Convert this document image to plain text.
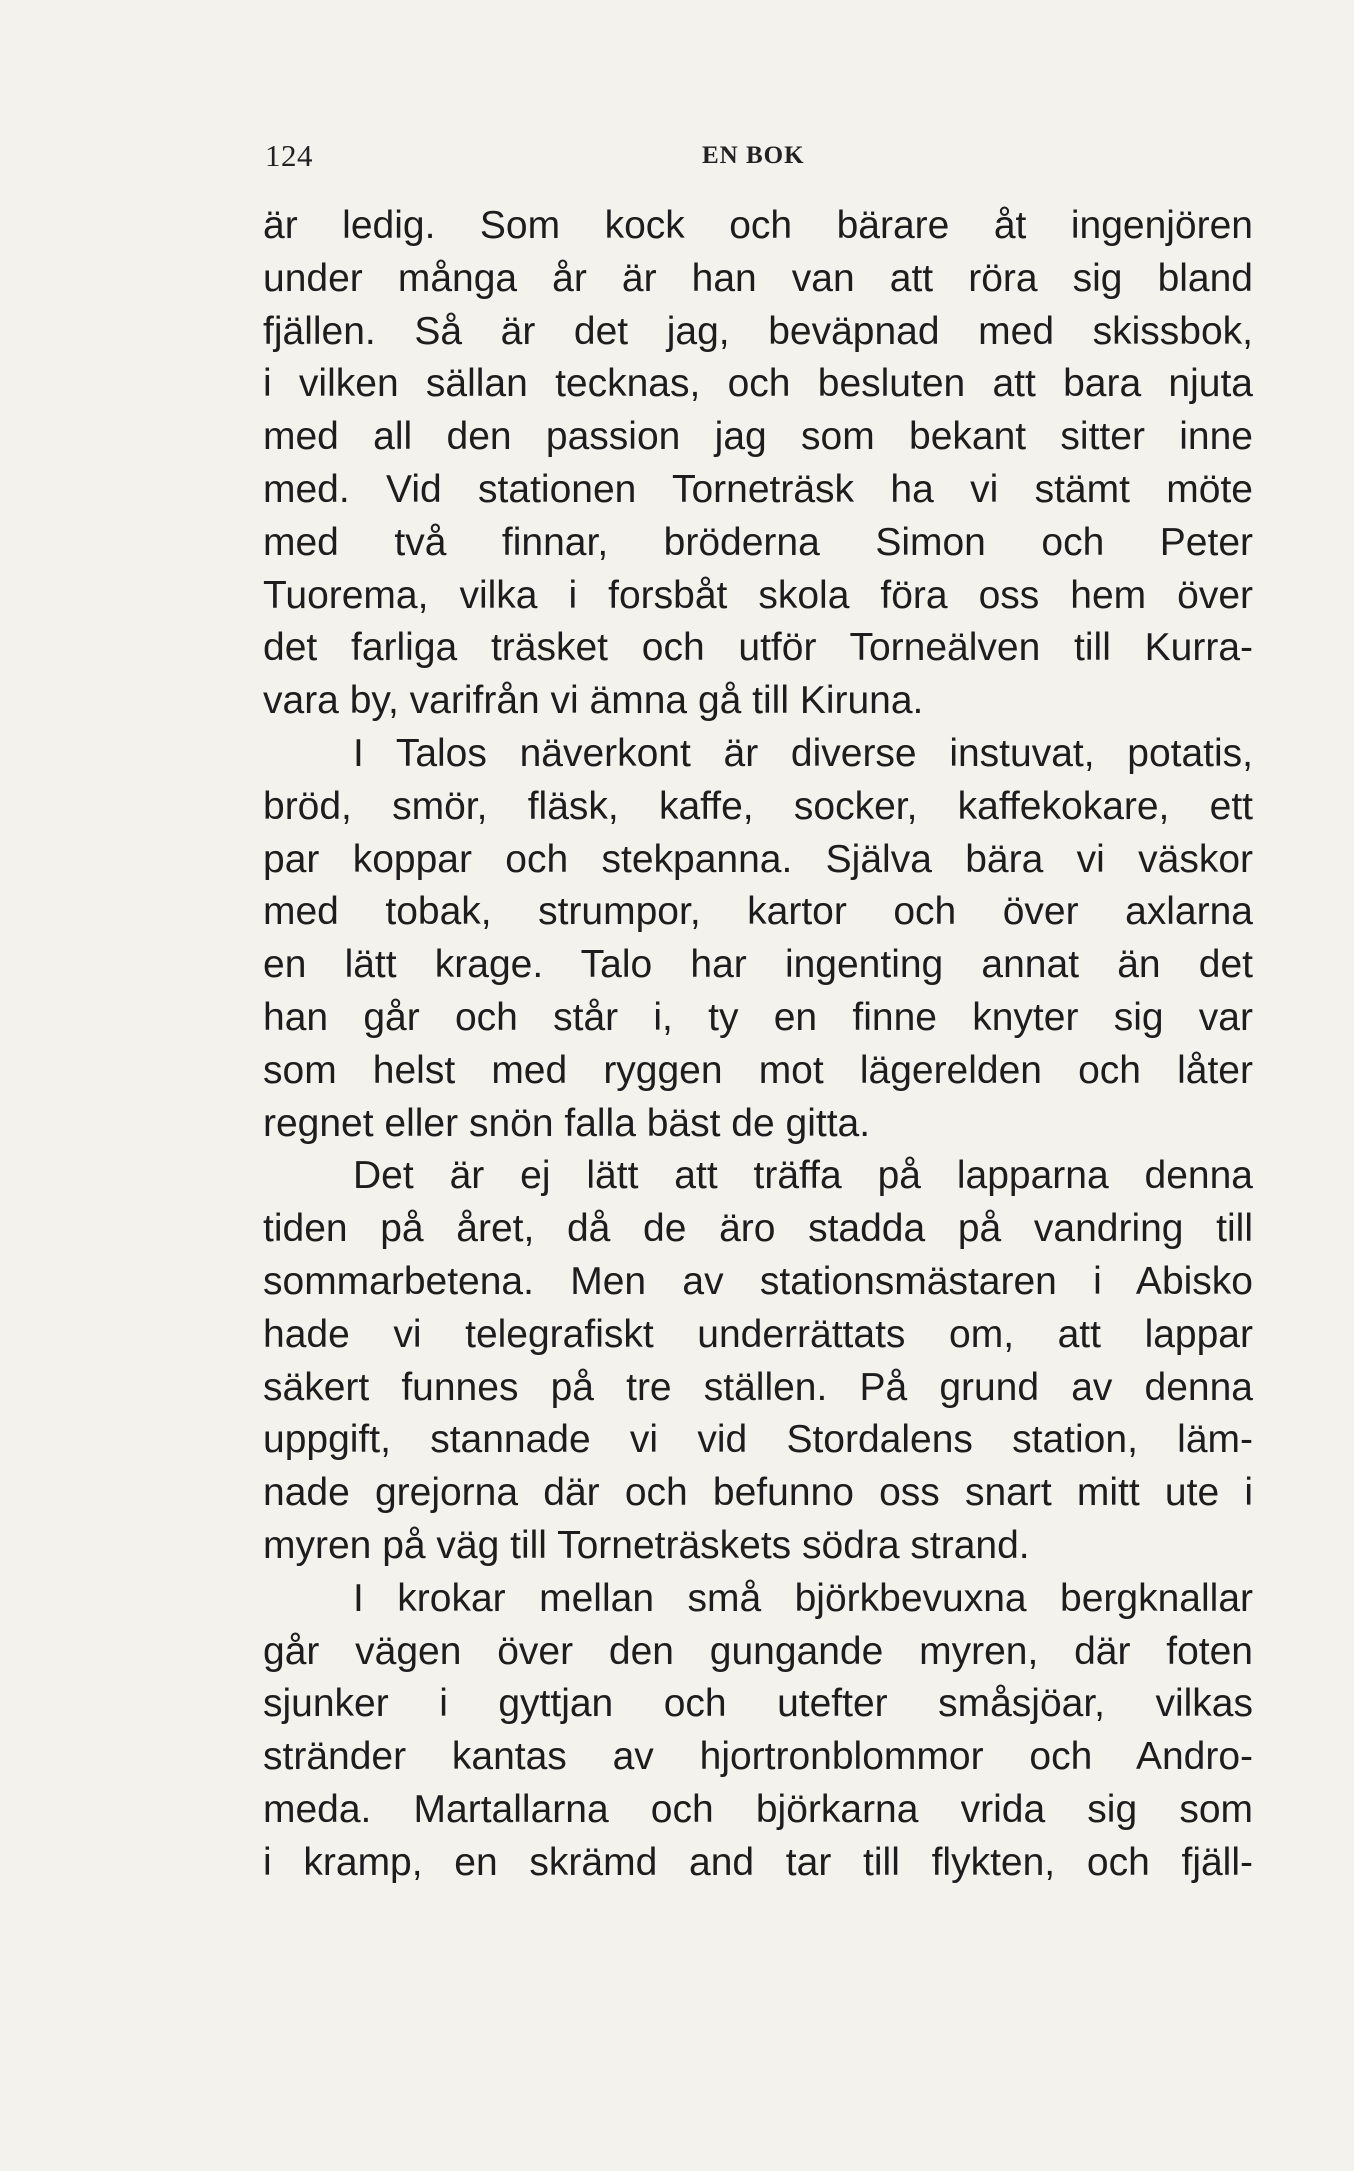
124	EN BOK
är ledig. Som kock och bärare åt ingenjören
under många år är han van att röra sig bland
fjällen. Så är det jag, beväpnad med skissbok,
i vilken sällan tecknas, och besluten att bara njuta
med all den passion jag som bekant sitter inne
med. Vid stationen Torneträsk ha vi stämt möte
med två finnar, bröderna Simon och Peter
Tuorema, vilka i forsbåt skola föra oss hem över
det farliga träsket och utför Torneälven till Kurra-
vara by, varifrån vi ämna gå till Kiruna.
I Talos näverkont är diverse instuvat, potatis,
bröd, smör, fläsk, kaffe, socker, kaffekokare, ett
par koppar och stekpanna. Själva bära vi väskor
med tobak, strumpor, kartor och över axlarna
en lätt krage. Talo har ingenting annat än det
han går och står i, ty en finne knyter sig var
som helst med ryggen mot lägerelden och låter
regnet eller snön falla bäst de gitta.
Det är ej lätt att träffa på lapparna denna
tiden på året, då de äro stadda på vandring till
sommarbetena. Men av stationsmästaren i Abisko
hade vi telegrafiskt underrättats om, att lappar
säkert funnes på tre ställen. På grund av denna
uppgift, stannade vi vid Stordalens station, läm-
nade grejorna där och befunno oss snart mitt ute i
myren på väg till Torneträskets södra strand.
I krokar mellan små björkbevuxna bergknallar
går vägen över den gungande myren, där foten
sjunker i gyttjan och utefter småsjöar, vilkas
stränder kantas av hjortronblommor och Andro-
meda. Martallarna och björkarna vrida sig som
i kramp, en skrämd and tar till flykten, och fjäll-
